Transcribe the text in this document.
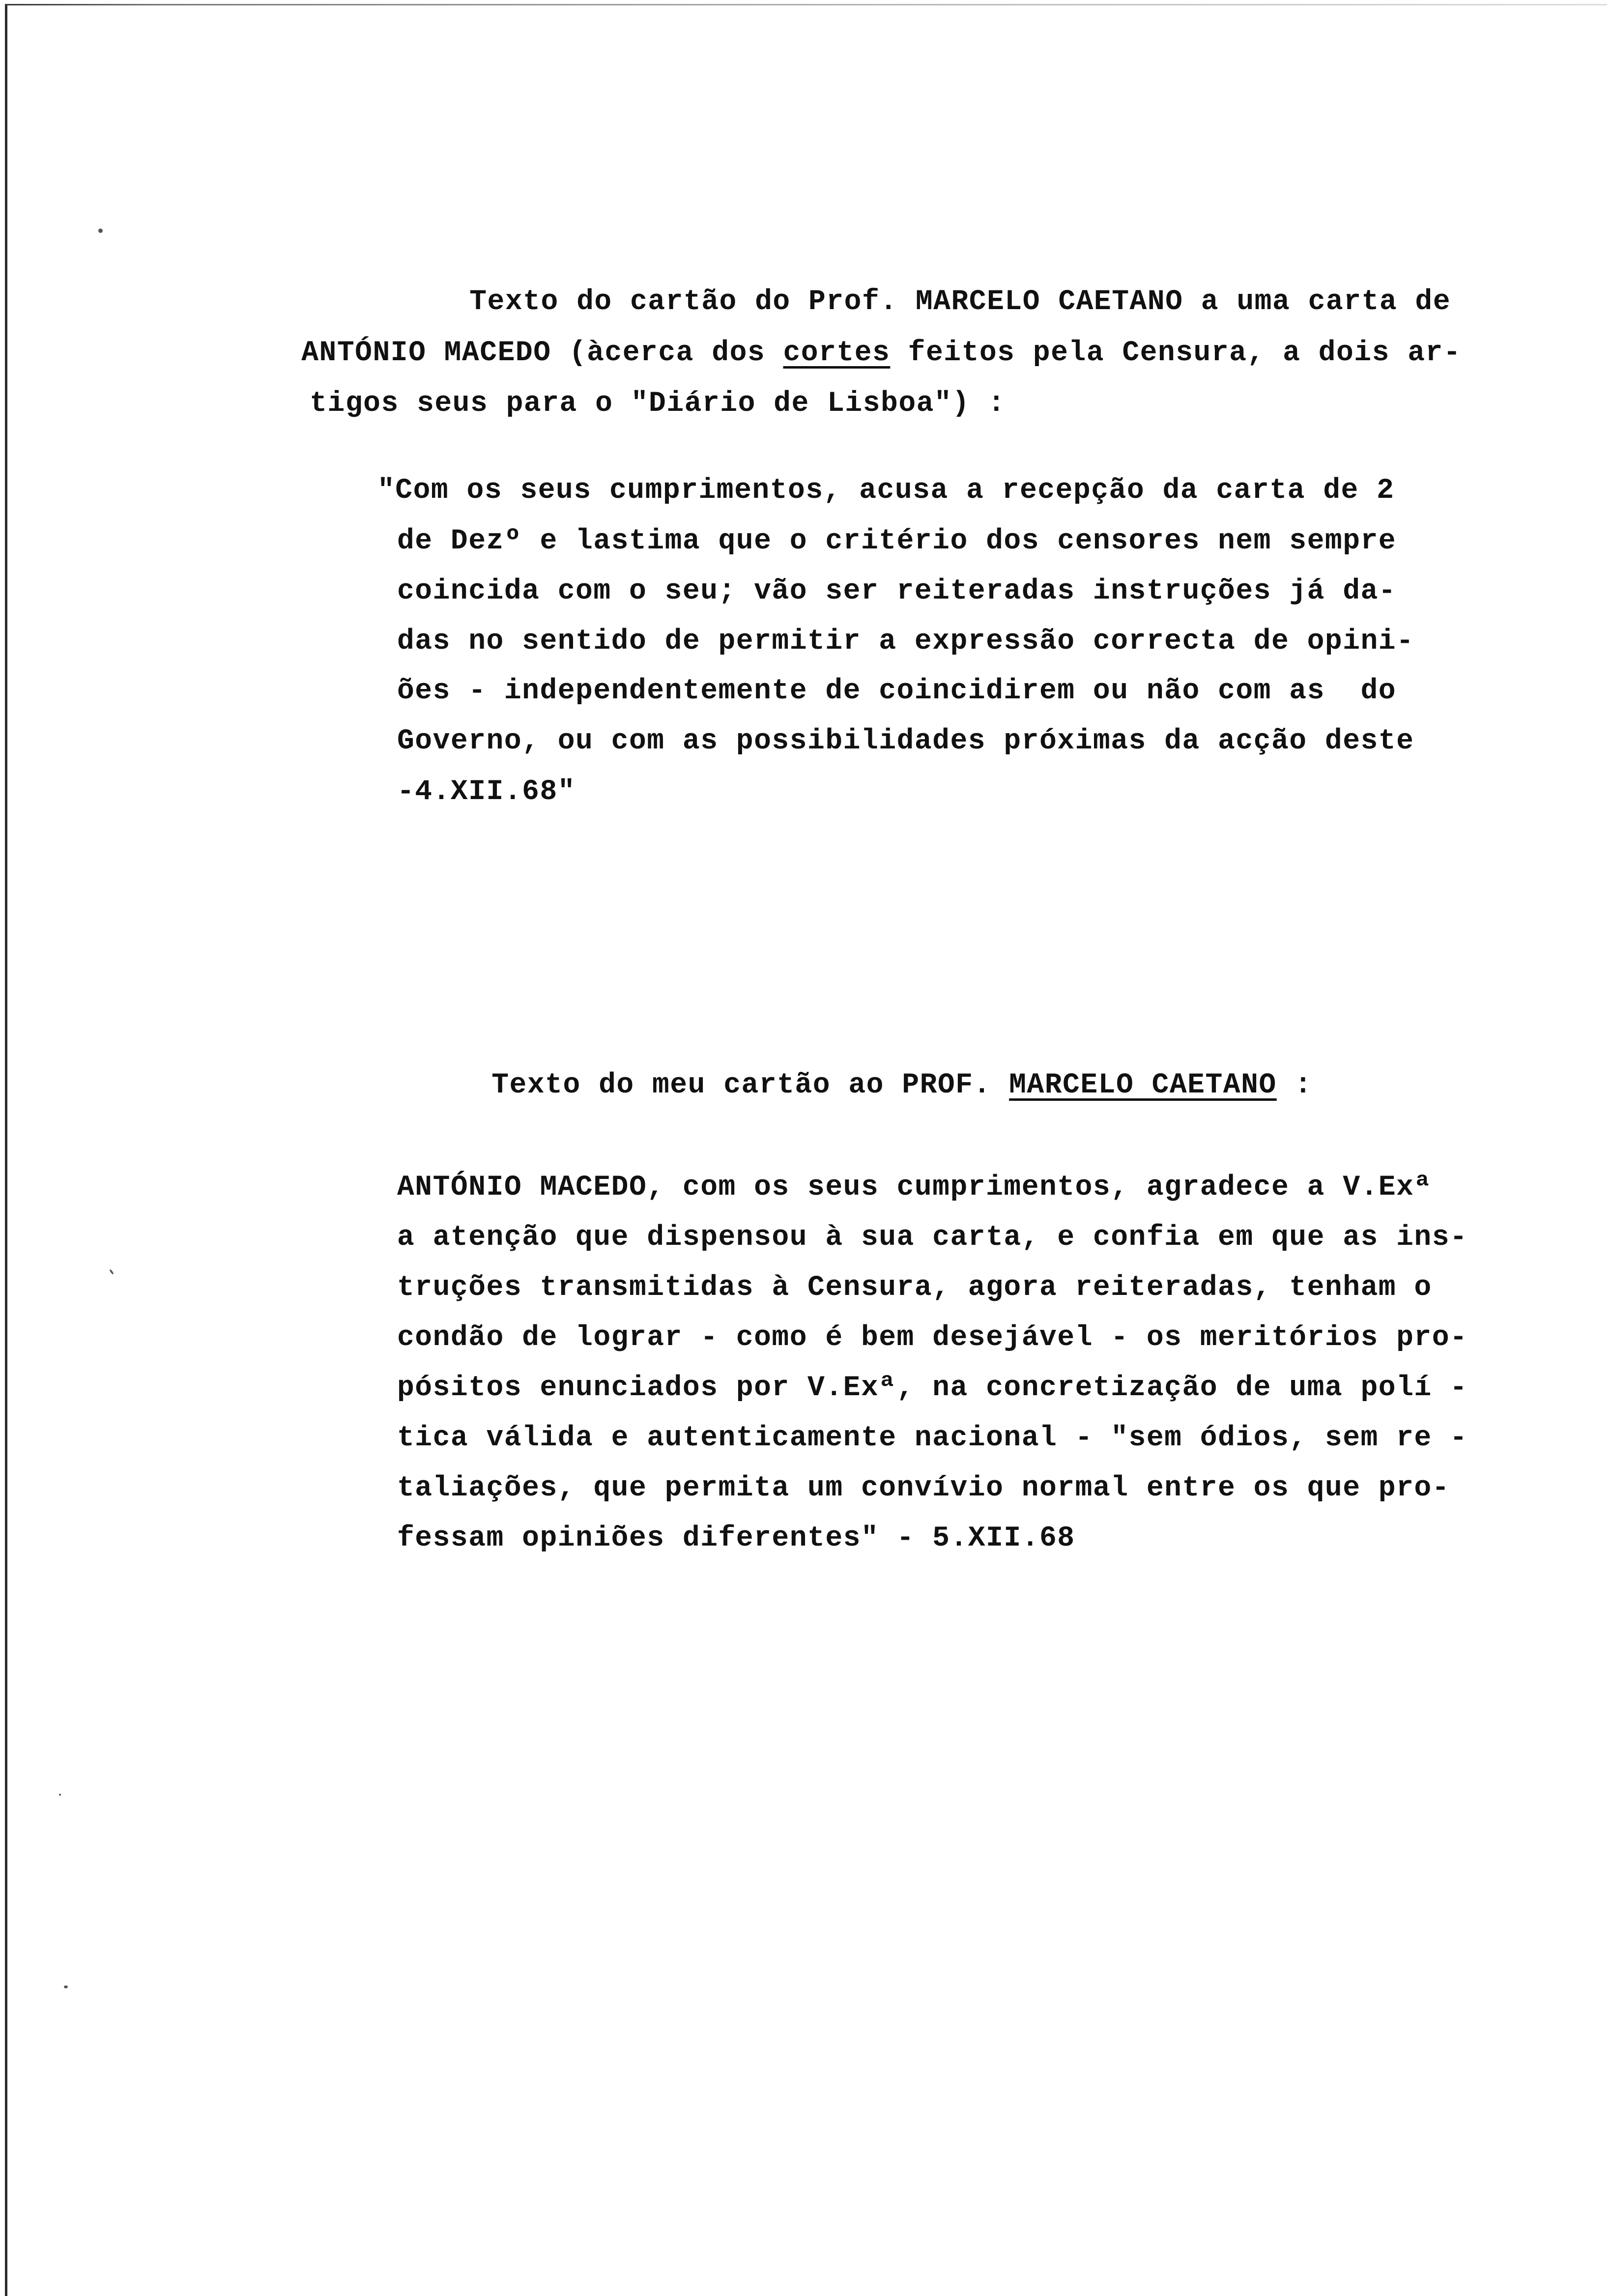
Texto do cartão do Prof. MARCELO CAETANO a uma carta de

ANTÓNIO MACEDO (àcerca dos cortes feitos pela Censura, a dois ar-

tigos seus para o "Diário de Lisboa") :

"Com os seus cumprimentos, acusa a recepção da carta de 2
de Dezº e lastima que o critério dos censores nem sempre
coincida com o seu; vão ser reiteradas instruções já da-
das no sentido de permitir a expressão correcta de opini-
ões - independentemente de coincidirem ou não com as  do
Governo, ou com as possibilidades próximas da acção deste
-4.XII.68"

Texto do meu cartão ao PROF. MARCELO CAETANO :

ANTÓNIO MACEDO, com os seus cumprimentos, agradece a V.Exª
a atenção que dispensou à sua carta, e confia em que as ins-
truções transmitidas à Censura, agora reiteradas, tenham o
condão de lograr - como é bem desejável - os meritórios pro-
pósitos enunciados por V.Exª, na concretização de uma polí -
tica válida e autenticamente nacional - "sem ódios, sem re -
taliações, que permita um convívio normal entre os que pro-
fessam opiniões diferentes" - 5.XII.68
